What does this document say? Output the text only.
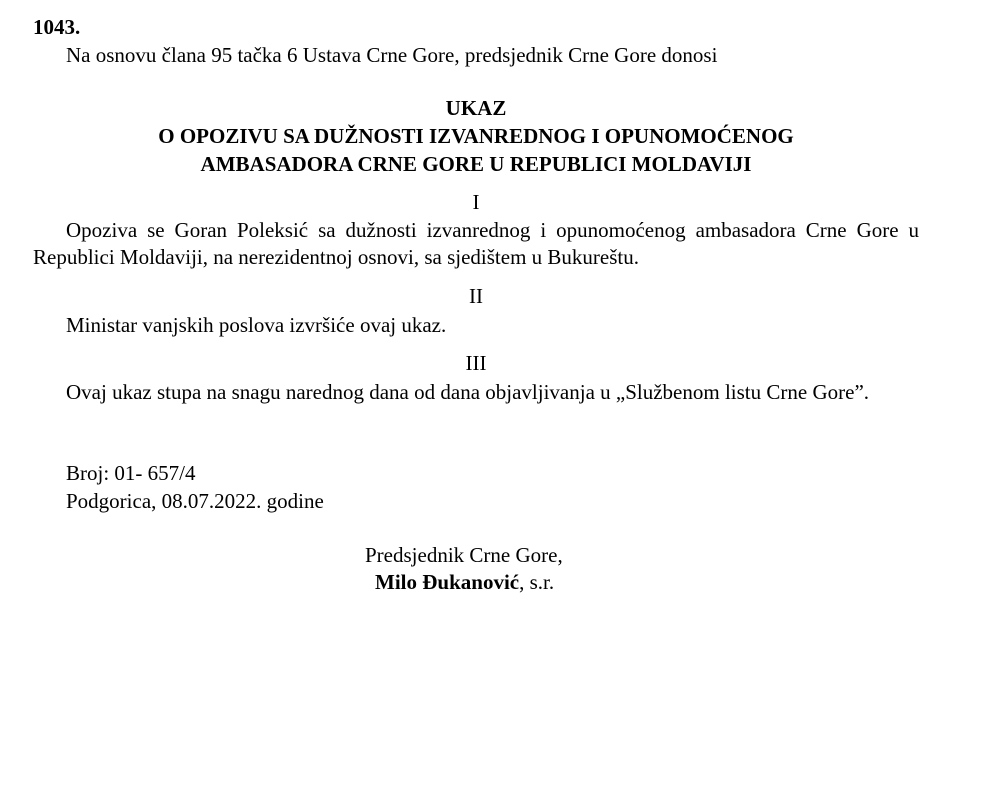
1043.
Na osnovu člana 95 tačka 6 Ustava Crne Gore, predsjednik Crne Gore donosi
UKAZ
O OPOZIVU SA DUŽNOSTI IZVANREDNOG I OPUNOMOĆENOG
AMBASADORA CRNE GORE U REPUBLICI MOLDAVIJI
I
Opoziva se Goran Poleksić sa dužnosti izvanrednog i opunomoćenog ambasadora Crne Gore u Republici Moldaviji, na nerezidentnoj osnovi, sa sjedištem u Bukureštu.
II
Ministar vanjskih poslova izvršiće ovaj ukaz.
III
Ovaj ukaz stupa na snagu narednog dana od dana objavljivanja u „Službenom listu Crne Gore”.
Broj: 01- 657/4
Podgorica, 08.07.2022. godine
Predsjednik Crne Gore,
Milo Đukanović, s.r.
